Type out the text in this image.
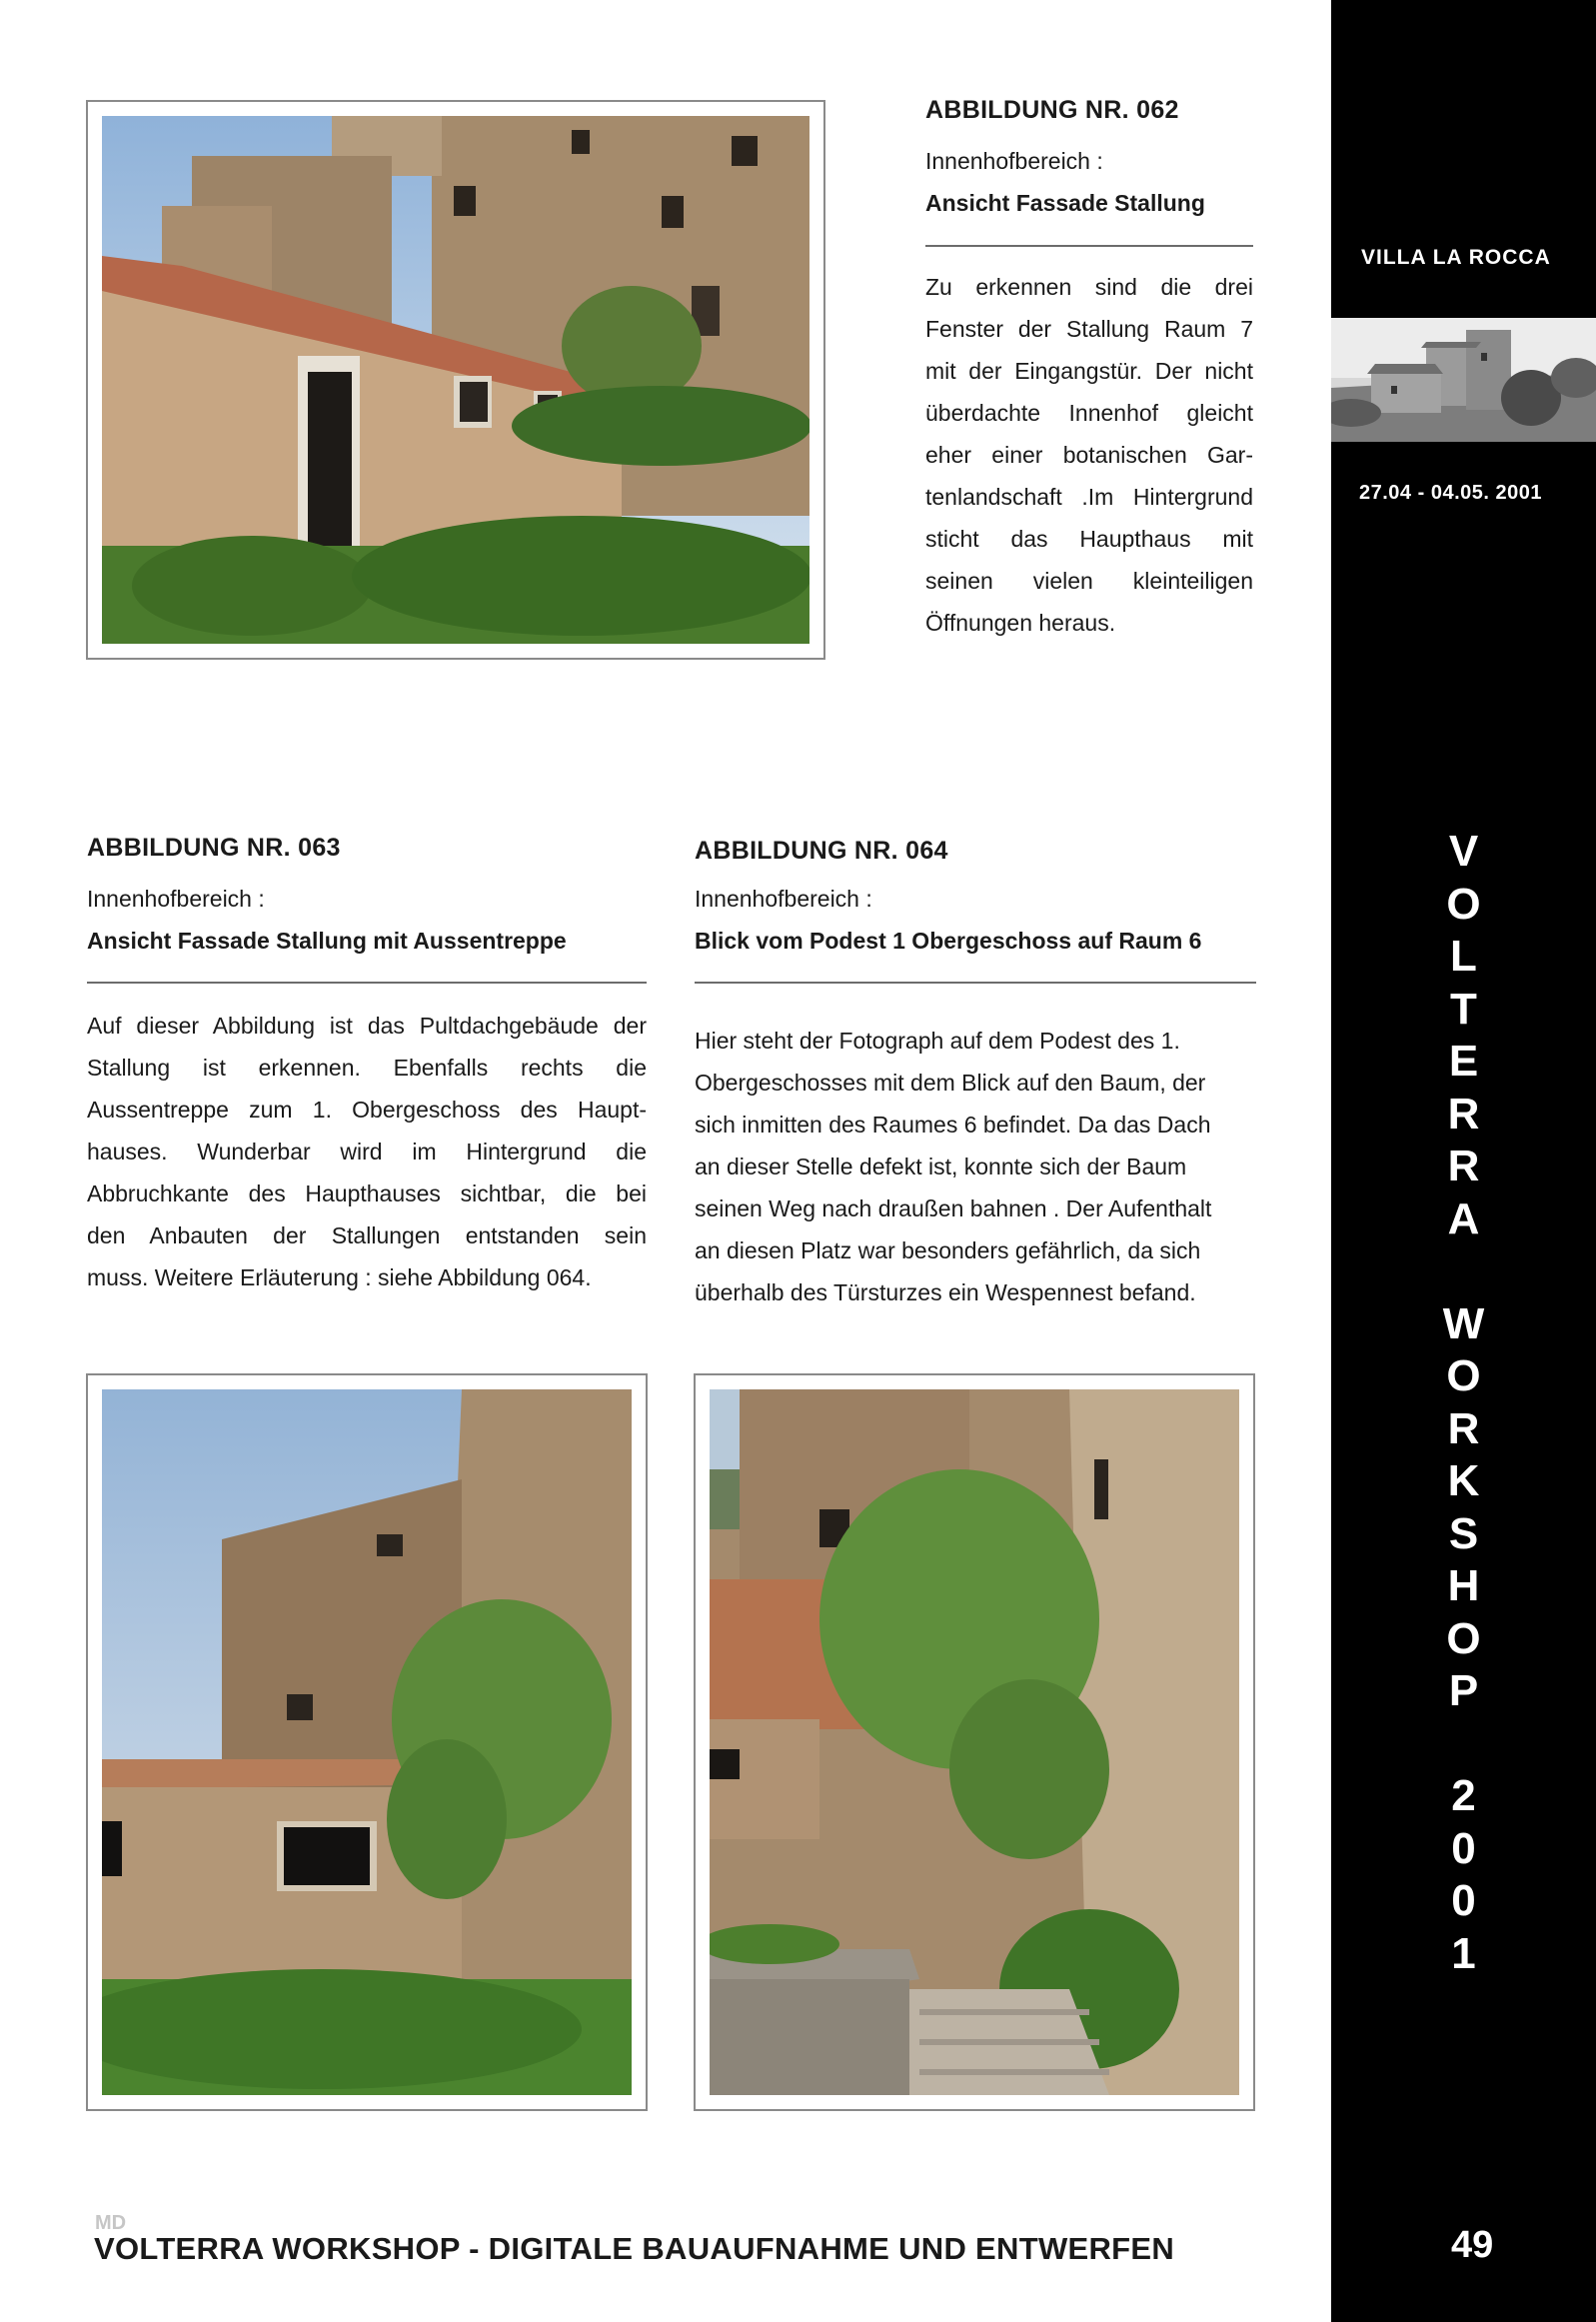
ABBILDUNG NR. 062

Innenhofbereich :

Ansicht Fassade Stallung

Zu erkennen sind die drei
Fenster der Stallung Raum 7
mit der Eingangstür. Der nicht
überdachte Innenhof gleicht
eher einer botanischen Gar-
tenlandschaft .Im Hintergrund
sticht das Haupthaus mit
seinen vielen kleinteiligen
Öffnungen heraus.
ABBILDUNG NR. 063

Innenhofbereich :

Ansicht Fassade Stallung mit Aussentreppe

Auf dieser Abbildung ist das Pultdachgebäude der
Stallung ist erkennen. Ebenfalls rechts die
Aussentreppe zum 1. Obergeschoss des Haupt-
hauses. Wunderbar wird im Hintergrund die
Abbruchkante des Haupthauses sichtbar, die bei
den Anbauten der Stallungen entstanden sein
muss. Weitere Erläuterung : siehe Abbildung 064.
ABBILDUNG NR. 064

Innenhofbereich :

Blick vom Podest 1 Obergeschoss auf Raum 6

Hier steht der Fotograph auf dem Podest des 1.
Obergeschosses mit dem Blick auf den Baum, der
sich inmitten des Raumes 6 befindet. Da das Dach
an dieser Stelle defekt ist, konnte sich der Baum
seinen Weg nach draußen bahnen . Der Aufenthalt
an diesen Platz war besonders gefährlich, da sich
überhalb des Türsturzes ein Wespennest befand.
VILLA LA ROCCA
27.04 - 04.05. 2001
V
O
L
T
E
R
R
A
W
O
R
K
S
H
O
P
2
0
0
1
49
MD
VOLTERRA WORKSHOP - DIGITALE BAUAUFNAHME UND ENTWERFEN
